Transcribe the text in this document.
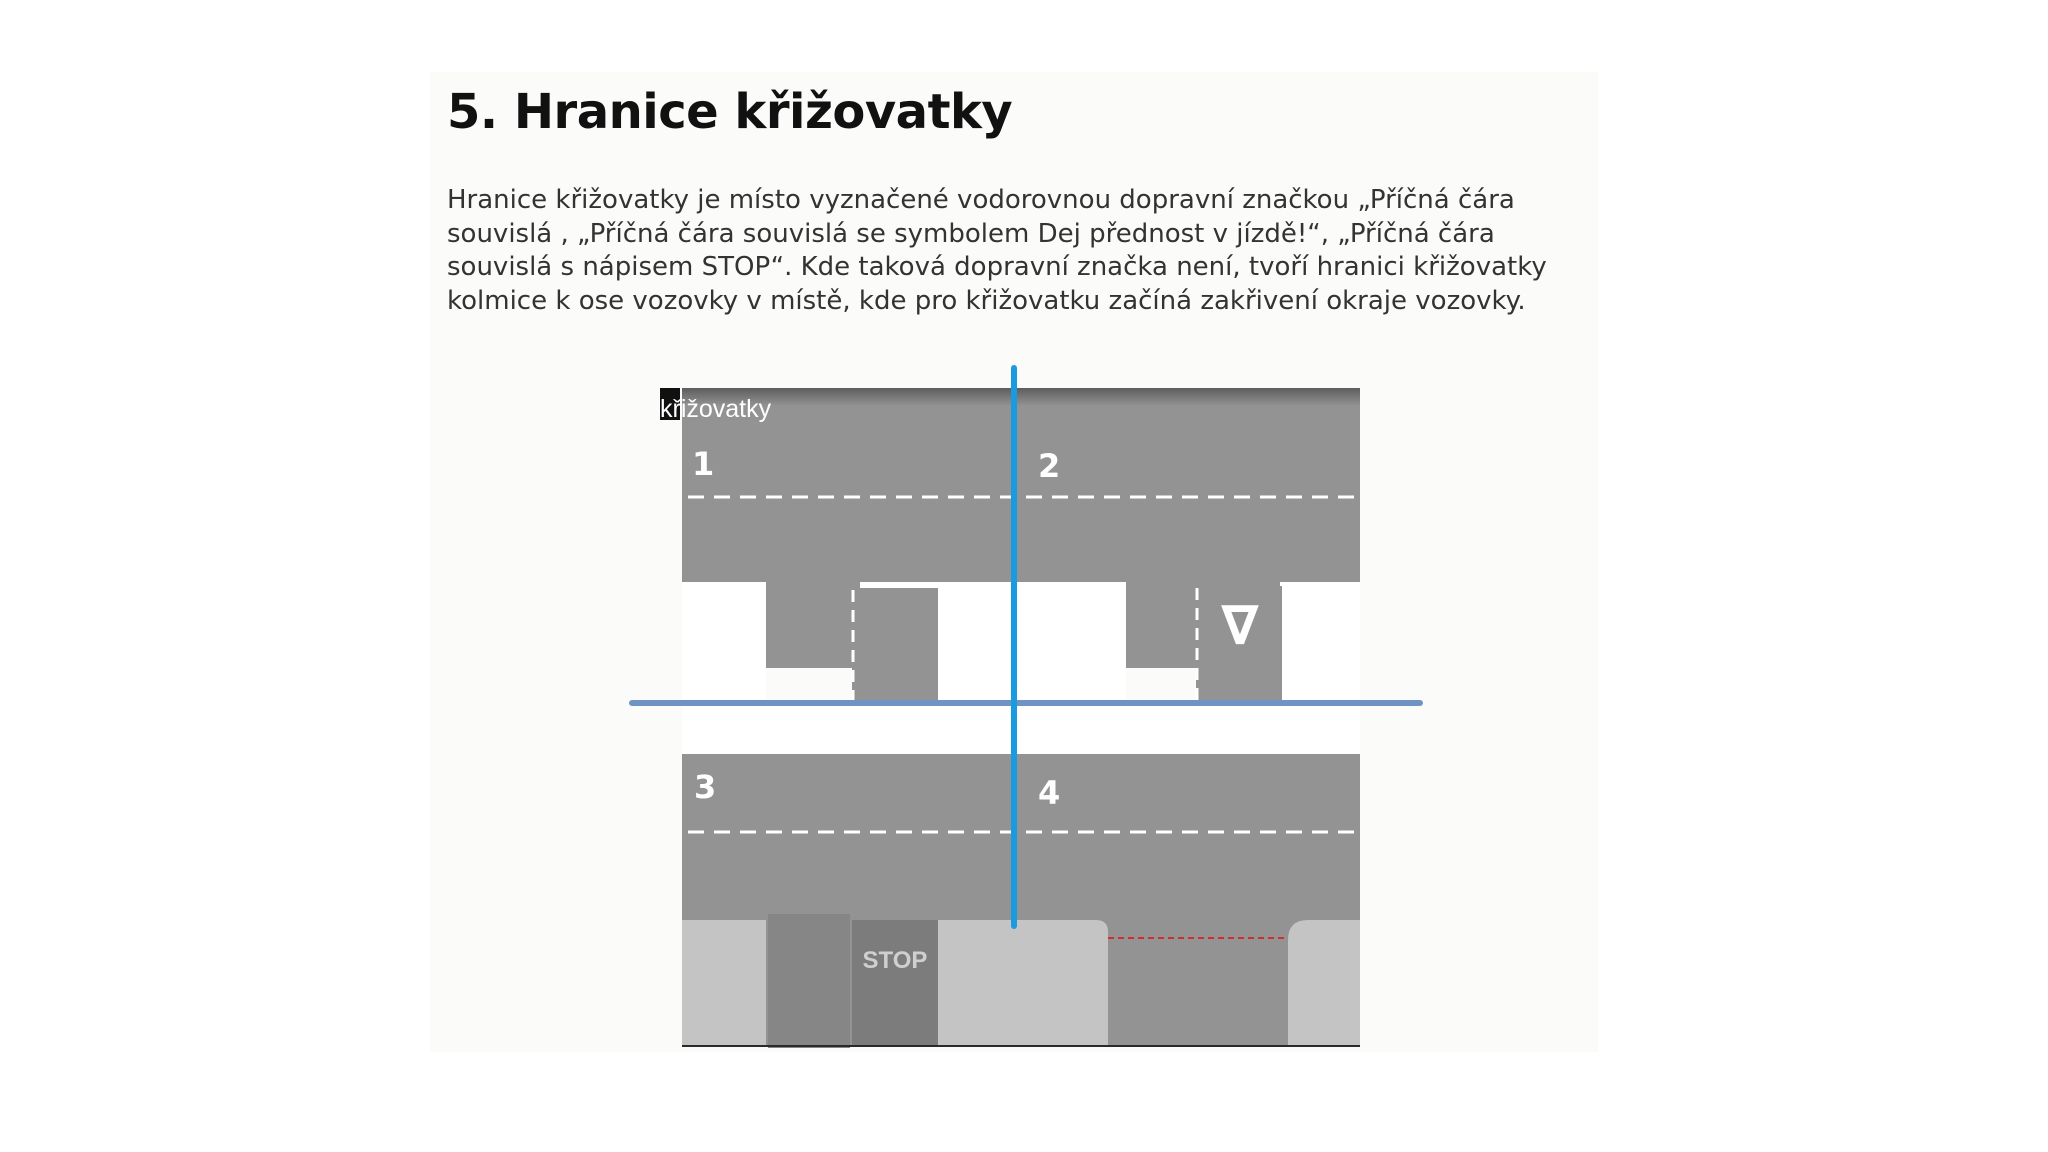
5. Hranice křižovatky

Hranice křižovatky je místo vyznačené vodorovnou dopravní značkou „Příčná čára souvislá , „Příčná čára souvislá se symbolem Dej přednost v jízdě!“, „Příčná čára souvislá s nápisem STOP“. Kde taková dopravní značka není, tvoří hranici křižovatky kolmice k ose vozovky v místě, kde pro křižovatku začíná zakřivení okraje vozovky.

∇
STOP
křižovatky
1	2
3	4
